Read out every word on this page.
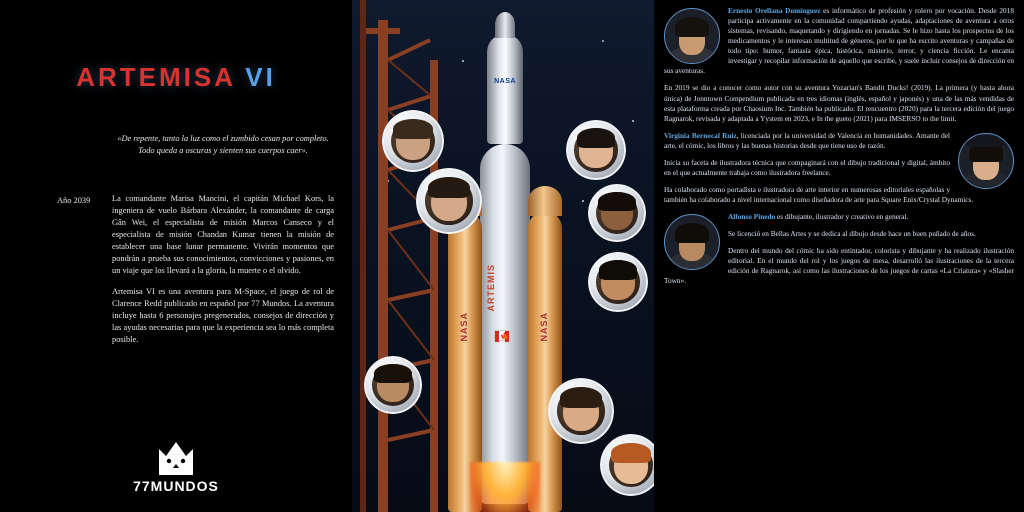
ARTEMISA VI

«De repente, tanto la luz como el zumbido cesan por completo. Todo queda a oscuras y sienten sus cuerpos caer».

Año 2039	La comandante Marisa Mancini, el capitán Michael Kors, la ingeniera de vuelo Bárbara Alexánder, la comandante de carga Gân Wei, el especialista de misión Marcos Canseco y el especialista de misión Chandan Kumar tienen la misión de establecer una base lunar permanente. Vivirán momentos que pondrán a prueba sus conocimientos, convicciones y pasiones, en un viaje que los llevará a la gloria, la muerte o el olvido.

Artemisa VI es una aventura para M-Space, el juego de rol de Clarence Redd publicado en español por 77 Mundos. La aventura incluye hasta 6 personajes pregenerados, consejos de dirección y las ayudas necesarias para que la experiencia sea lo más completa posible.

77MUNDOS
NASA
ARTEMIS
🍁
NASA	NASA

Ernesto Orellana Domínguez es informático de profesión y rolero por vocación. Desde 2018 participa activamente en la comunidad compartiendo ayudas, adaptaciones de aventura a otros sistemas, revisando, maquetando y dirigiendo en jornadas. Se le hizo hasta los prospectos de los medicamentos y le interesan multitud de géneros, por lo que ha escrito aventuras y campañas de todo tipo: humor, fantasía épica, histórica, misterio, terror, y ciencia ficción. Le encanta investigar y recopilar información de aquello que escribe, y suele incluir consejos de dirección en sus aventuras.

En 2019 se dio a conocer como autor con su aventura Yozarian's Bandit Ducks! (2019). La primera (y hasta ahora única) de Jonntown Compendium publicada en tres idiomas (inglés, español y japonés) y una de las más vendidas de esta plataforma creada por Chaosium Inc. También ha publicado: El rencuentro (2020) para la tercera edición del juego Ragnarok, revisada y adaptada a Yystem en 2023, e In the gueto (2021) para IMSERSO to the limit.

Virginia Bernocal Ruiz, licenciada por la universidad de Valencia en humanidades. Amante del arte, el cómic, los libros y las buenas historias desde que tiene uso de razón.

Inicia su faceta de ilustradora técnica que compaginará con el dibujo tradicional y digital, ámbito en el que actualmente trabaja como ilustradora freelance.

Ha colaborado como portadista e ilustradora de arte interior en numerosas editoriales españolas y también ha colaborado a nivel internacional como diseñadora de arte para Square Enix/Crystal Dynamics.

Alfonso Pinedo es dibujante, ilustrador y creativo en general.

Se licenció en Bellas Artes y se dedica al dibujo desde hace un buen puñado de años.

Dentro del mundo del cómic ha sido entintador, colorista y dibujante y ha realizado ilustración editorial. En el mundo del rol y los juegos de mesa, desarrolló las ilustraciones de la tercera edición de Ragnarok, así como las ilustraciones de los juegos de cartas «La Criatura» y «Slasher Town».
